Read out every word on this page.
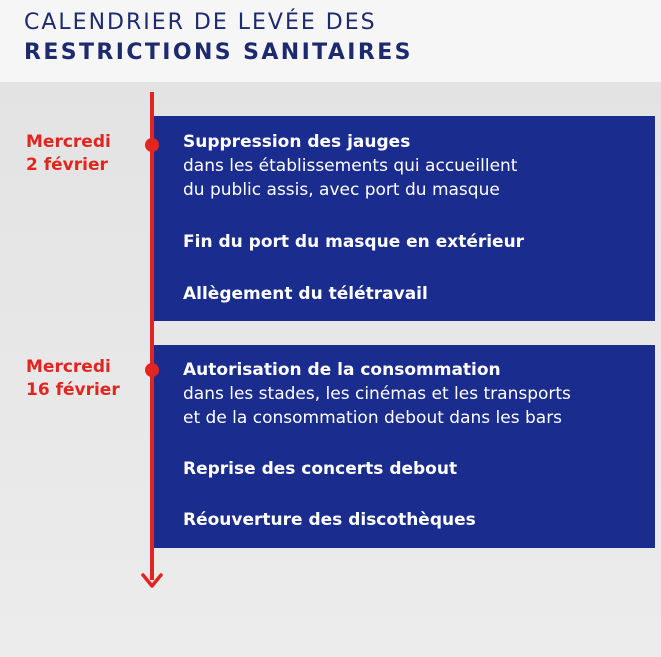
CALENDRIER DE LEVÉE DES
RESTRICTIONS SANITAIRES
Suppression des jauges
dans les établissements qui accueillent
du public assis, avec port du masque
Fin du port du masque en extérieur
Allègement du télétravail
Autorisation de la consommation
dans les stades, les cinémas et les transports
et de la consommation debout dans les bars
Reprise des concerts debout
Réouverture des discothèques
Mercredi
2 février
Mercredi
16 février
